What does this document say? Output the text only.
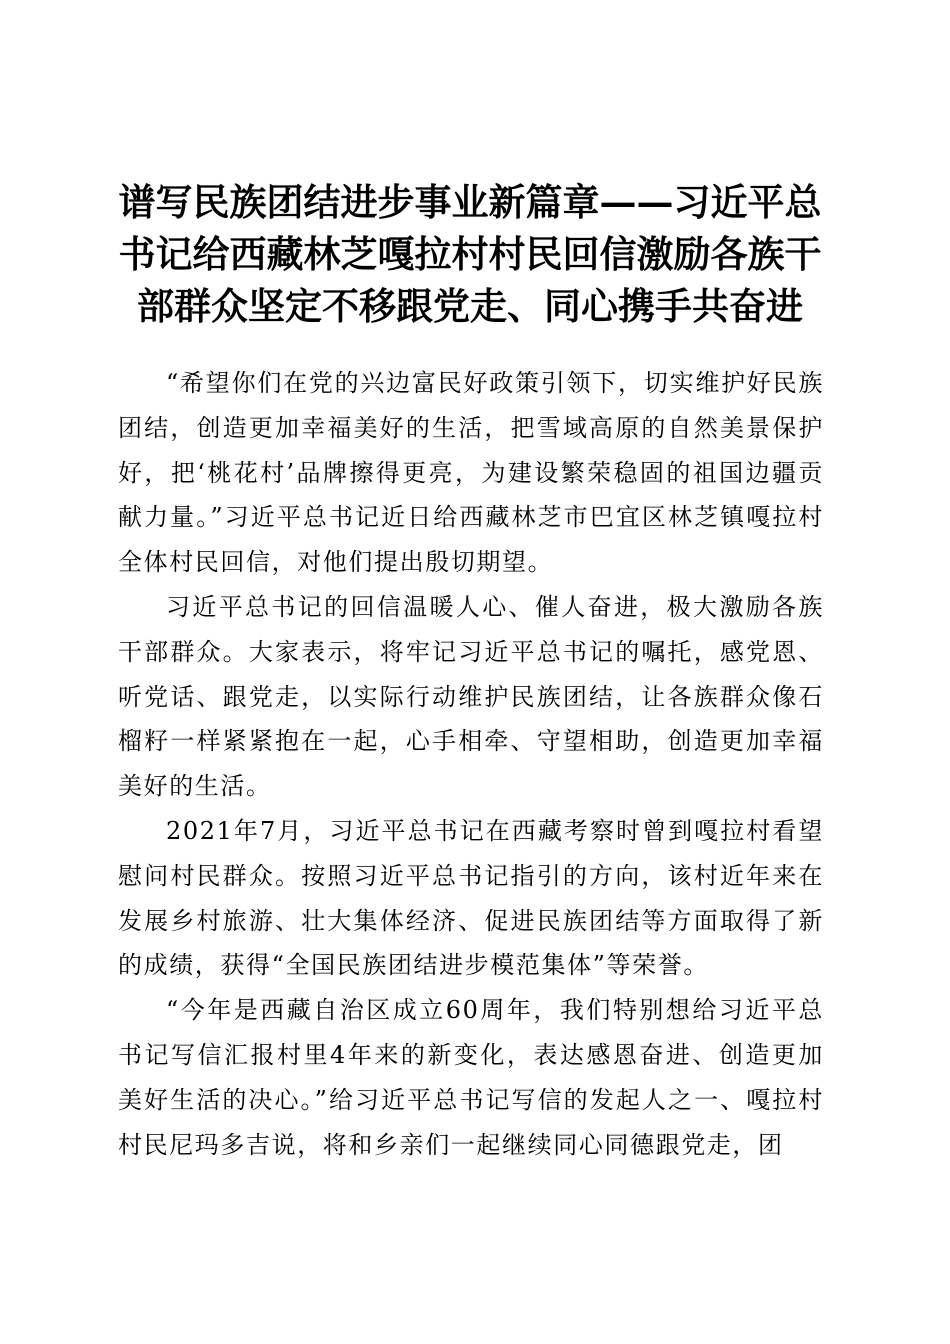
谱写民族团结进步事业新篇章——习近平总书记给西藏林芝嘎拉村村民回信激励各族干部群众坚定不移跟党走、同心携手共奋进

“希望你们在党的兴边富民好政策引领下，切实维护好民族团结，创造更加幸福美好的生活，把雪域高原的自然美景保护好，把‘桃花村’品牌擦得更亮，为建设繁荣稳固的祖国边疆贡献力量。”习近平总书记近日给西藏林芝市巴宜区林芝镇嘎拉村全体村民回信，对他们提出殷切期望。

习近平总书记的回信温暖人心、催人奋进，极大激励各族干部群众。大家表示，将牢记习近平总书记的嘱托，感党恩、听党话、跟党走，以实际行动维护民族团结，让各族群众像石榴籽一样紧紧抱在一起，心手相牵、守望相助，创造更加幸福美好的生活。

2021年7月，习近平总书记在西藏考察时曾到嘎拉村看望慰问村民群众。按照习近平总书记指引的方向，该村近年来在发展乡村旅游、壮大集体经济、促进民族团结等方面取得了新的成绩，获得“全国民族团结进步模范集体”等荣誉。

“今年是西藏自治区成立60周年，我们特别想给习近平总书记写信汇报村里4年来的新变化，表达感恩奋进、创造更加美好生活的决心。”给习近平总书记写信的发起人之一、嘎拉村村民尼玛多吉说，将和乡亲们一起继续同心同德跟党走，团
